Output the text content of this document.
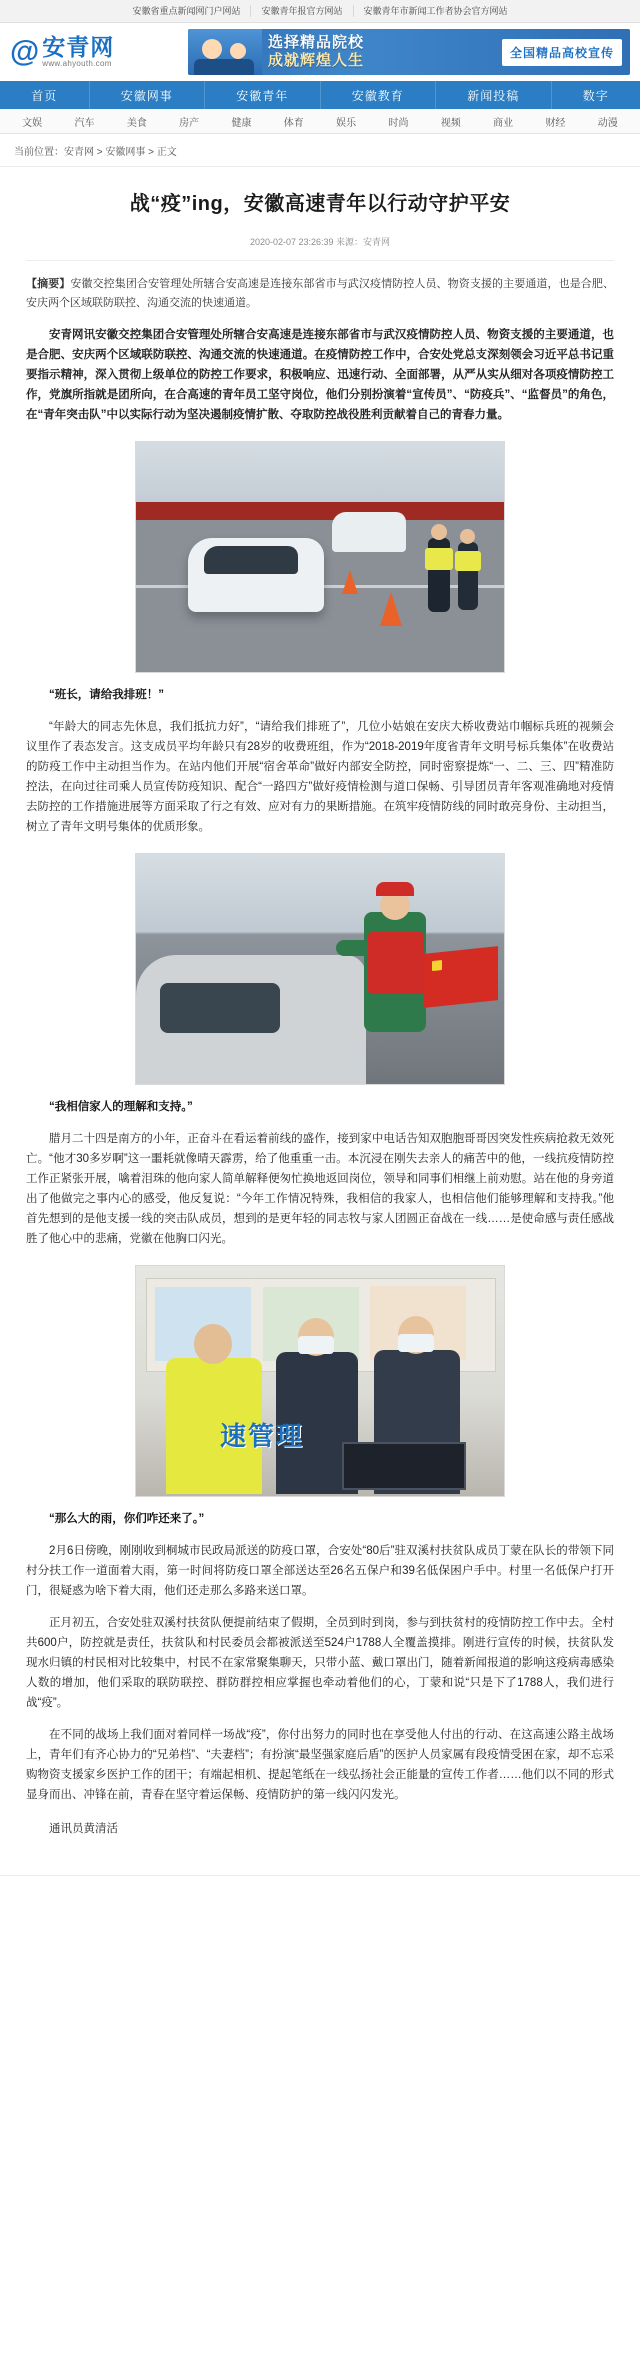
安徽省重点新闻网门户网站	安徽青年报官方网站	安徽青年市新闻工作者协会官方网站
@ 安青网
www.ahyouth.com
选择精品院校
成就辉煌人生	全国精品高校宣传
首页	安徽网事	安徽青年	安徽教育	新闻投稿	数字
文娱	汽车	美食	房产	健康	体育	娱乐	时尚	视频	商业	财经	动漫
当前位置：安青网 > 安徽网事 > 正文
战“疫”ing，安徽高速青年以行动守护平安
2020-02-07 23:26:39 来源：安青网
【摘要】安徽交控集团合安管理处所辖合安高速是连接东部省市与武汉疫情防控人员、物资支援的主要通道，也是合肥、安庆两个区域联防联控、沟通交流的快速通道。

安青网讯安徽交控集团合安管理处所辖合安高速是连接东部省市与武汉疫情防控人员、物资支援的主要通道，也是合肥、安庆两个区域联防联控、沟通交流的快速通道。在疫情防控工作中，合安处党总支深刻领会习近平总书记重要指示精神，深入贯彻上级单位的防控工作要求，积极响应、迅速行动、全面部署，从严从实从细对各项疫情防控工作，党旗所指就是团所向，在合高速的青年员工坚守岗位，他们分别扮演着“宣传员”、“防疫兵”、“监督员”的角色，在“青年突击队”中以实际行动为坚决遏制疫情扩散、夺取防控战役胜利贡献着自己的青春力量。

“班长，请给我排班！”

“年龄大的同志先休息，我们抵抗力好”，“请给我们排班了”，几位小姑娘在安庆大桥收费站巾帼标兵班的视频会议里作了表态发言。这支成员平均年龄只有28岁的收费班组，作为“2018-2019年度省青年文明号标兵集体”在收费站的防疫工作中主动担当作为。在站内他们开展“宿舍革命”做好内部安全防控，同时密察提炼“一、二、三、四”精准防控法，在向过往司乘人员宣传防疫知识、配合“一路四方”做好疫情检测与道口保畅、引导团员青年客观准确地对疫情去防控的工作措施进展等方面采取了行之有效、应对有力的果断措施。在筑牢疫情防线的同时敢亮身份、主动担当，树立了青年文明号集体的优质形象。

“我相信家人的理解和支持。”

腊月二十四是南方的小年，正奋斗在看运着前线的盛作，接到家中电话告知双胞胞哥哥因突发性疾病抢救无效死亡。“他才30多岁啊”这一噩耗就像晴天霹雳，给了他重重一击。本沉浸在刚失去亲人的痛苦中的他，一线抗疫情防控工作正紧张开展，噙着泪珠的他向家人简单解释便匆忙换地返回岗位，领导和同事们相继上前劝慰。站在他的身旁道出了他做完之事内心的感受，他反复说：“今年工作情况特殊，我相信的我家人，也相信他们能够理解和支持我。”他首先想到的是他支援一线的突击队成员，想到的是更年轻的同志牧与家人团圆正奋战在一线……是使命感与责任感战胜了他心中的悲痛，党徽在他胸口闪光。

速管理

“那么大的雨，你们咋还来了。”

2月6日傍晚，刚刚收到桐城市民政局派送的防疫口罩，合安处“80后”驻双溪村扶贫队成员丁蒙在队长的带领下同村分扶工作一道面着大雨，第一时间将防疫口罩全部送达至26名五保户和39名低保困户手中。村里一名低保户打开门，很疑惑为啥下着大雨，他们还走那么多路来送口罩。

正月初五，合安处驻双溪村扶贫队便提前结束了假期，全员到时到岗，参与到扶贫村的疫情防控工作中去。全村共600户，防控就是责任，扶贫队和村民委员会都被派送至524户1788人全覆盖摸排。刚进行宣传的时候，扶贫队发现水归镇的村民相对比较集中，村民不在家常聚集聊天，只带小蓝、戴口罩出门，随着新闻报道的影响这疫病毒感染人数的增加，他们采取的联防联控、群防群控相应掌握也牵动着他们的心，丁蒙和说“只是下了1788人，我们进行战“疫”。

在不同的战场上我们面对着同样一场战“疫”，你付出努力的同时也在享受他人付出的行动、在这高速公路主战场上，青年们有齐心协力的“兄弟档”、“夫妻档”；有扮演“最坚强家庭后盾”的医护人员家属有段疫情受困在家，却不忘采购物资支援家乡医护工作的团干；有端起相机、提起笔纸在一线弘扬社会正能量的宣传工作者……他们以不同的形式显身而出、冲锋在前，青春在坚守着运保畅、疫情防护的第一线闪闪发光。

通讯员黄清活
